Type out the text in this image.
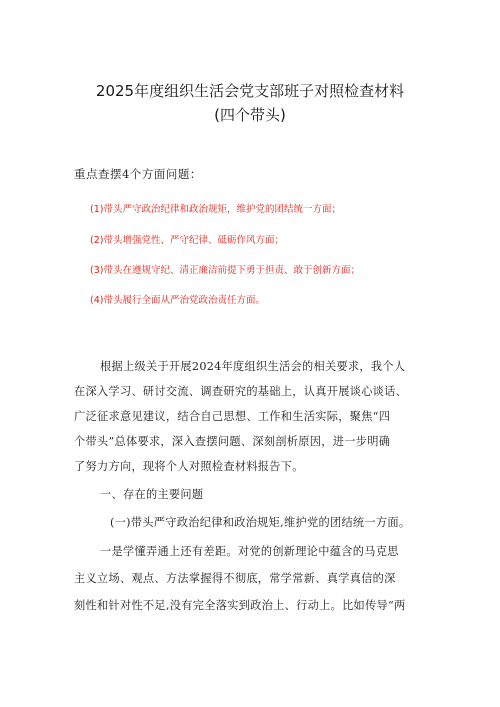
2025年度组织生活会党支部班子对照检查材料
(四个带头)
重点查摆4个方面问题：
(1)带头严守政治纪律和政治规矩，维护党的团结统一方面；
(2)带头增强党性、严守纪律、砥砺作风方面；
(3)带头在遵规守纪、清正廉洁前提下勇于担责、敢于创新方面；
(4)带头履行全面从严治党政治责任方面。
根据上级关于开展2024年度组织生活会的相关要求，我个人
在深入学习、研讨交流、调查研究的基础上，认真开展谈心谈话、
广泛征求意见建议，结合自己思想、工作和生活实际，聚焦“四
个带头”总体要求，深入查摆问题、深刻剖析原因，进一步明确
了努力方向，现将个人对照检查材料报告下。
一、存在的主要问题
(一)带头严守政治纪律和政治规矩,维护党的团结统一方面。
一是学懂弄通上还有差距。对党的创新理论中蕴含的马克思
主义立场、观点、方法掌握得不彻底，常学常新、真学真信的深
刻性和针对性不足,没有完全落实到政治上、行动上。比如传导“两
